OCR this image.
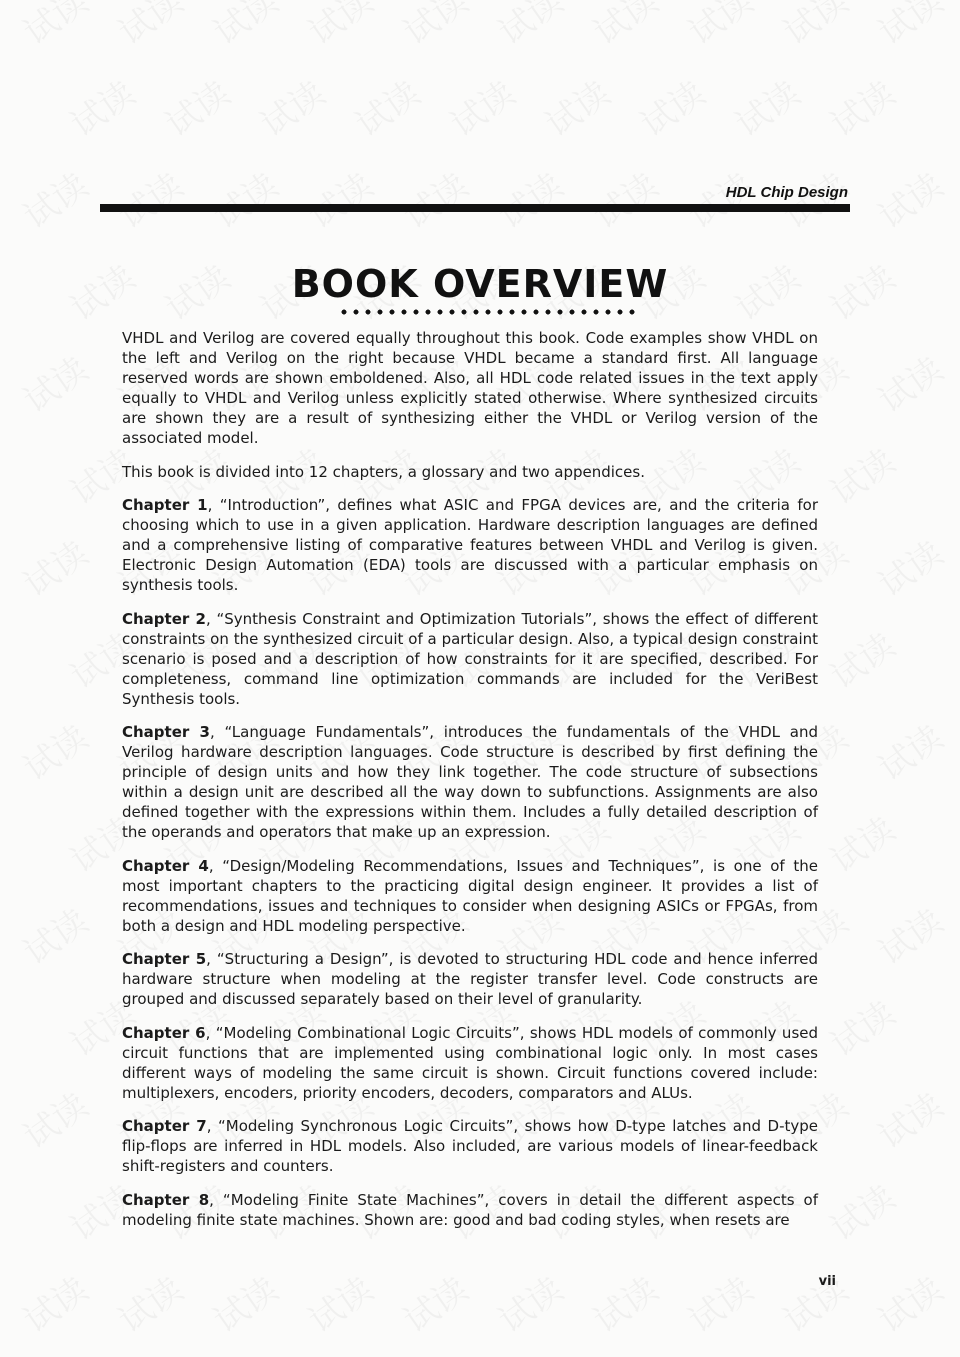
HDL Chip Design
BOOK OVERVIEW

VHDL and Verilog are covered equally throughout this book. Code examples show VHDL on the left and Verilog on the right because VHDL became a standard first. All language reserved words are shown emboldened. Also, all HDL code related issues in the text apply equally to VHDL and Verilog unless explicitly stated otherwise. Where synthesized circuits are shown they are a result of synthesizing either the VHDL or Verilog version of the associated model.

This book is divided into 12 chapters, a glossary and two appendices.

Chapter 1, “Introduction”, defines what ASIC and FPGA devices are, and the criteria for choosing which to use in a given application. Hardware description languages are defined and a comprehensive listing of comparative features between VHDL and Verilog is given. Electronic Design Automation (EDA) tools are discussed with a particular emphasis on synthesis tools.

Chapter 2, “Synthesis Constraint and Optimization Tutorials”, shows the effect of different constraints on the synthesized circuit of a particular design. Also, a typical design constraint scenario is posed and a description of how constraints for it are specified, described. For completeness, command line optimization commands are included for the VeriBest Synthesis tools.

Chapter 3, “Language Fundamentals”, introduces the fundamentals of the VHDL and Verilog hardware description languages. Code structure is described by first defining the principle of design units and how they link together. The code structure of subsections within a design unit are described all the way down to subfunctions. Assignments are also defined together with the expressions within them. Includes a fully detailed description of the operands and operators that make up an expression.

Chapter 4, “Design/Modeling Recommendations, Issues and Techniques”, is one of the most important chapters to the practicing digital design engineer. It provides a list of recommendations, issues and techniques to consider when designing ASICs or FPGAs, from both a design and HDL modeling perspective.

Chapter 5, “Structuring a Design”, is devoted to structuring HDL code and hence inferred hardware structure when modeling at the register transfer level. Code constructs are grouped and discussed separately based on their level of granularity.

Chapter 6, “Modeling Combinational Logic Circuits”, shows HDL models of commonly used circuit functions that are implemented using combinational logic only. In most cases different ways of modeling the same circuit is shown. Circuit functions covered include: multiplexers, encoders, priority encoders, decoders, comparators and ALUs.

Chapter 7, “Modeling Synchronous Logic Circuits”, shows how D-type latches and D-type flip-flops are inferred in HDL models. Also included, are various models of linear-feedback shift-registers and counters.

Chapter 8, “Modeling Finite State Machines”, covers in detail the different aspects of modeling finite state machines. Shown are: good and bad coding styles, when resets are

vii
